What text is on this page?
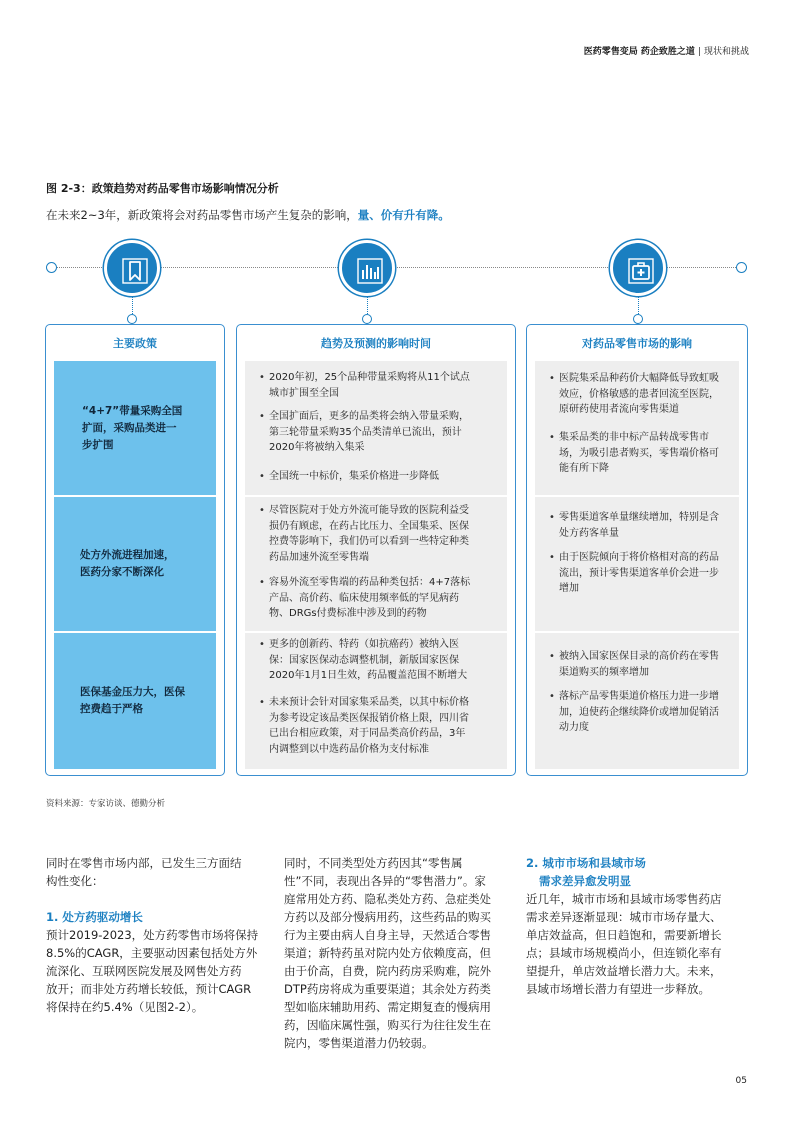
医药零售变局 药企致胜之道 | 现状和挑战
图 2-3：政策趋势对药品零售市场影响情况分析
在未来2~3年，新政策将会对药品零售市场产生复杂的影响，量、价有升有降。
主要政策
“4+7”带量采购全国
扩面，采购品类进一
步扩围
处方外流进程加速，
医药分家不断深化
医保基金压力大，医保
控费趋于严格
趋势及预测的影响时间
• 2020年初，25个品种带量采购将从11个试点
城市扩围至全国
• 全国扩面后，更多的品类将会纳入带量采购，
第三轮带量采购35个品类清单已流出，预计
2020年将被纳入集采
• 全国统一中标价，集采价格进一步降低
• 尽管医院对于处方外流可能导致的医院利益受
损仍有顾虑，在药占比压力、全国集采、医保
控费等影响下，我们仍可以看到一些特定种类
药品加速外流至零售端
• 容易外流至零售端的药品种类包括：4+7落标
产品、高价药、临床使用频率低的罕见病药
物、DRGs付费标准中涉及到的药物
• 更多的创新药、特药（如抗癌药）被纳入医
保：国家医保动态调整机制，新版国家医保
2020年1月1日生效，药品覆盖范围不断增大
• 未来预计会针对国家集采品类，以其中标价格
为参考设定该品类医保报销价格上限，四川省
已出台相应政策，对于同品类高价药品，3年
内调整到以中选药品价格为支付标准
对药品零售市场的影响
• 医院集采品种药价大幅降低导致虹吸
效应，价格敏感的患者回流至医院，
原研药使用者流向零售渠道
• 集采品类的非中标产品转战零售市
场，为吸引患者购买，零售端价格可
能有所下降
• 零售渠道客单量继续增加，特别是含
处方药客单量
• 由于医院倾向于将价格相对高的药品
流出，预计零售渠道客单价会进一步
增加
• 被纳入国家医保目录的高价药在零售
渠道购买的频率增加
• 落标产品零售渠道价格压力进一步增
加，迫使药企继续降价或增加促销活
动力度
资料来源：专家访谈、德勤分析
同时在零售市场内部，已发生三方面结
构性变化：
1. 处方药驱动增长
预计2019-2023，处方药零售市场将保持
8.5%的CAGR，主要驱动因素包括处方外
流深化、互联网医院发展及网售处方药
放开；而非处方药增长较低，预计CAGR
将保持在约5.4%（见图2-2）。
同时，不同类型处方药因其“零售属
性”不同，表现出各异的“零售潜力”。家
庭常用处方药、隐私类处方药、急症类处
方药以及部分慢病用药，这些药品的购买
行为主要由病人自身主导，天然适合零售
渠道；新特药虽对院内处方依赖度高，但
由于价高，自费，院内药房采购难，院外
DTP药房将成为重要渠道；其余处方药类
型如临床辅助用药、需定期复查的慢病用
药，因临床属性强，购买行为往往发生在
院内，零售渠道潜力仍较弱。
2. 城市市场和县域市场
需求差异愈发明显
近几年，城市市场和县域市场零售药店
需求差异逐渐显现：城市市场存量大、
单店效益高，但日趋饱和，需要新增长
点；县域市场规模尚小，但连锁化率有
望提升，单店效益增长潜力大。未来，
县域市场增长潜力有望进一步释放。
05
